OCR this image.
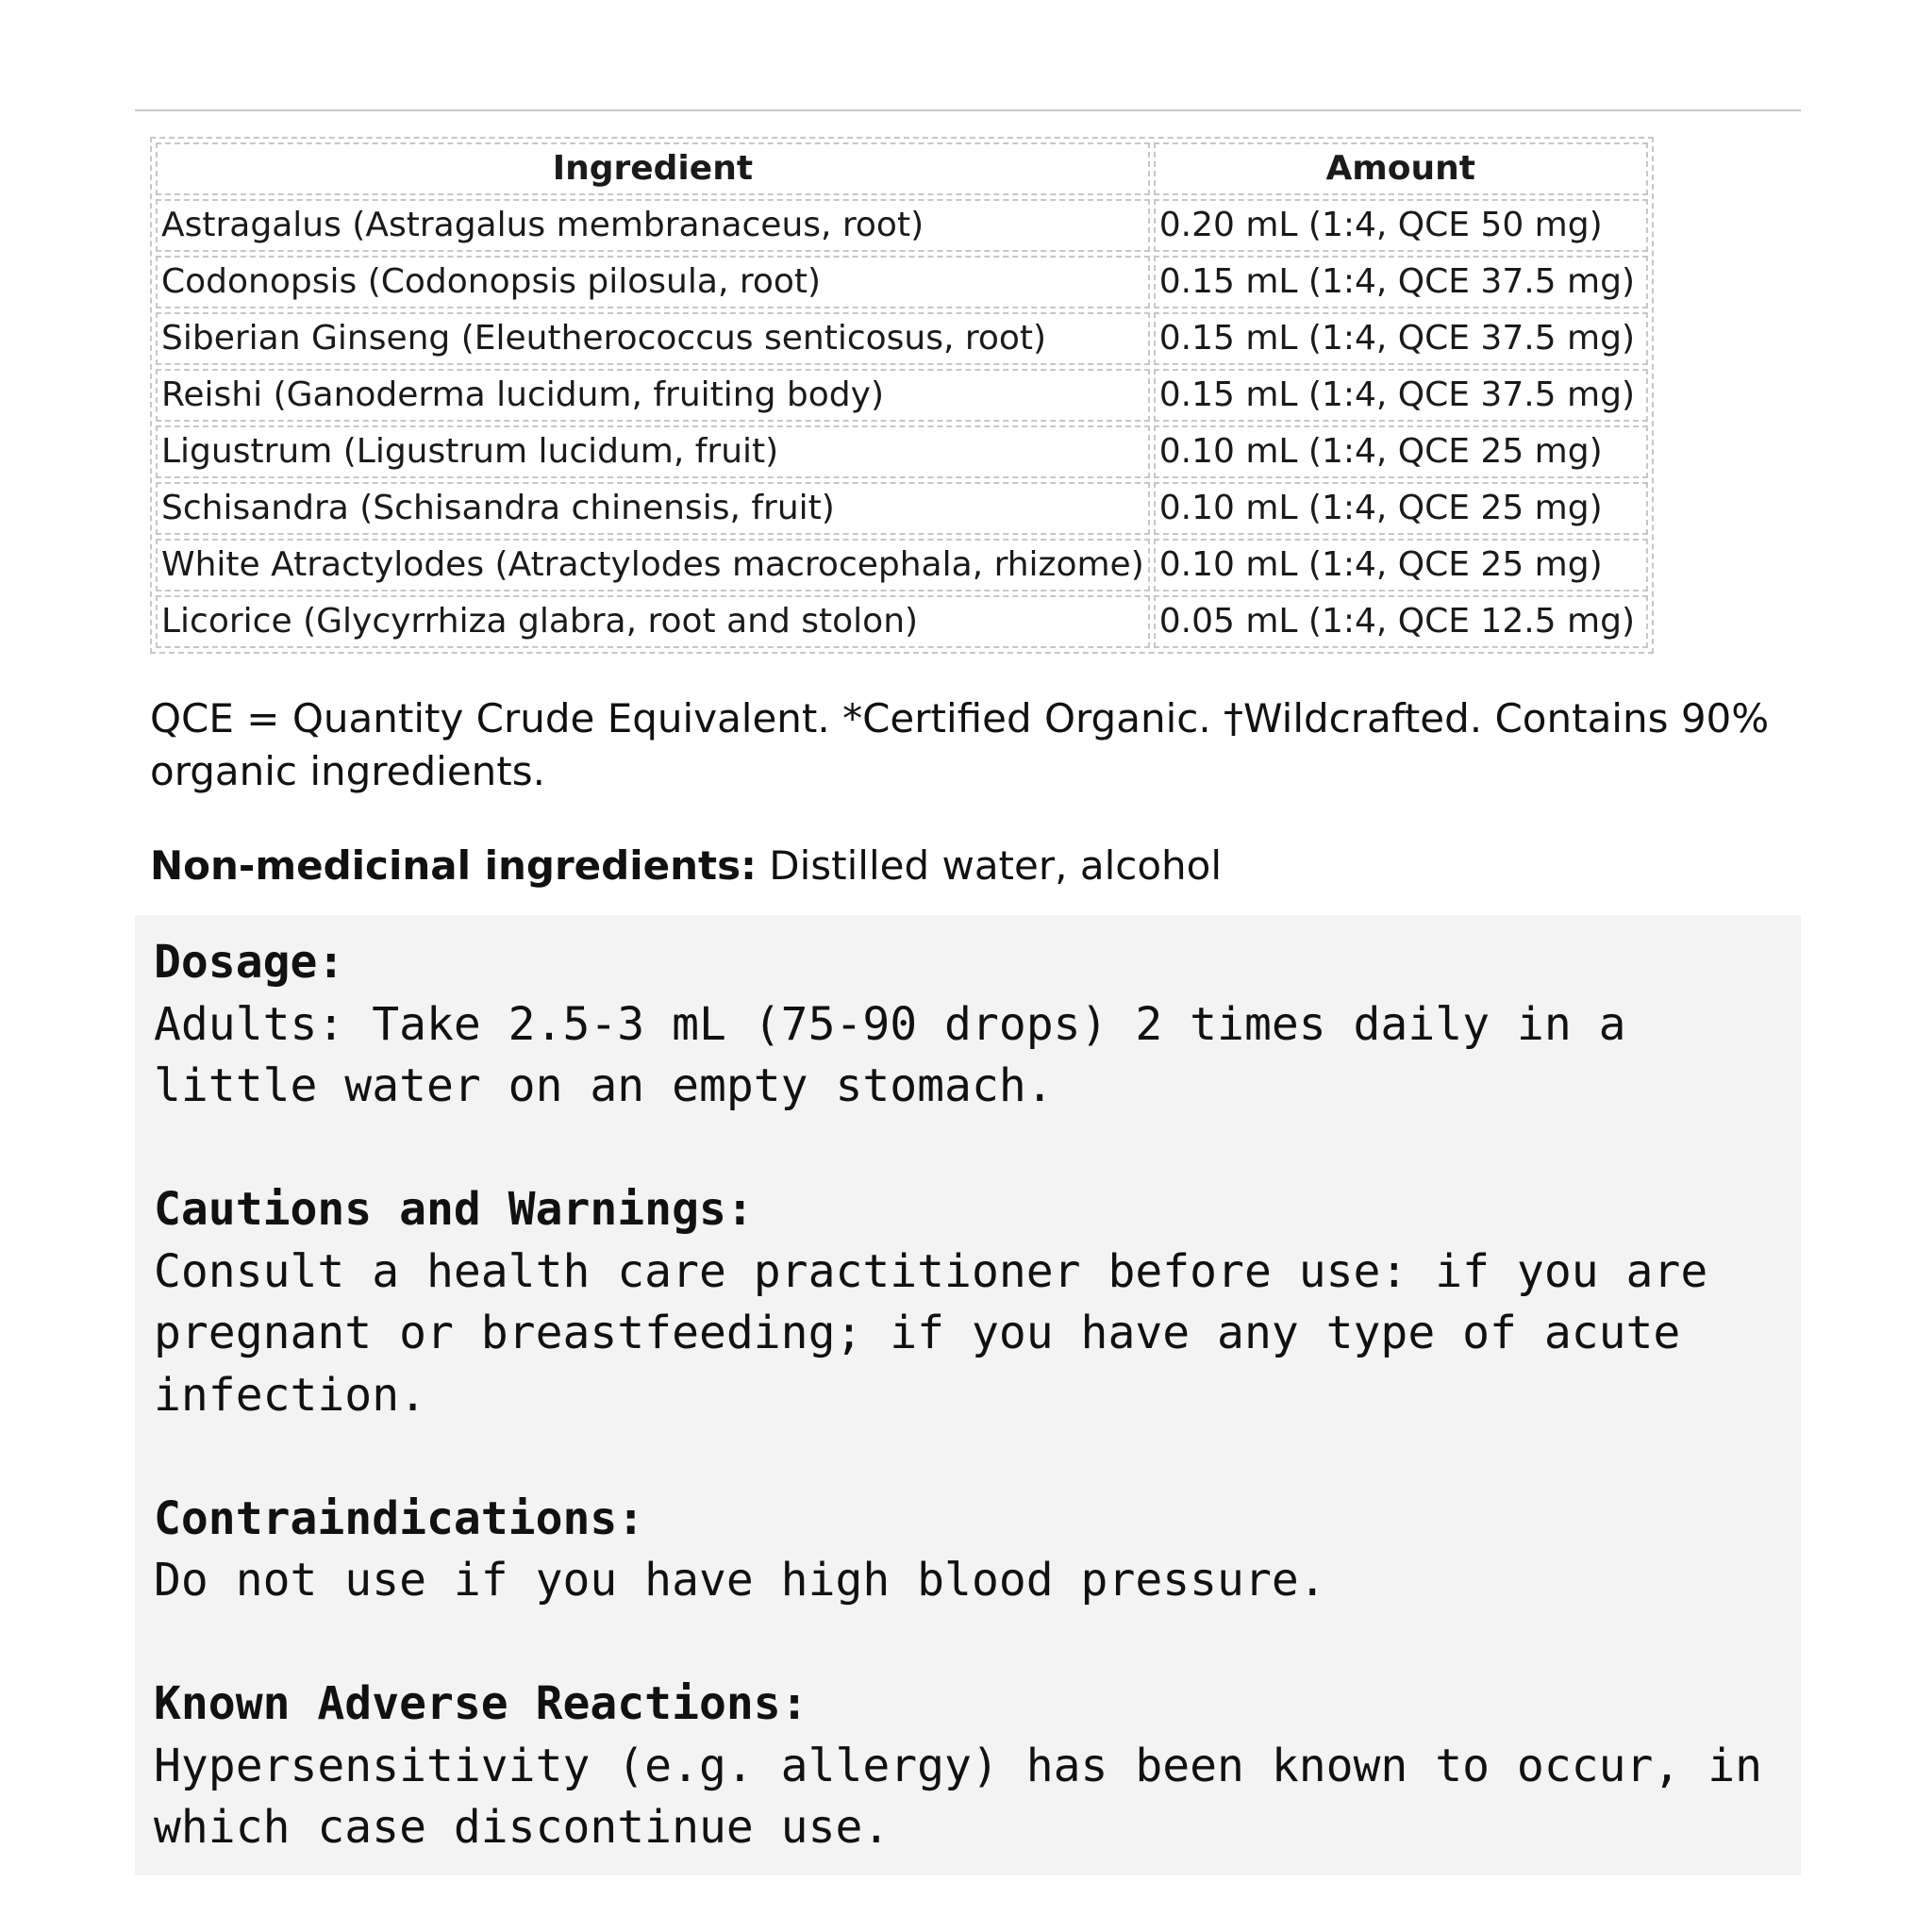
Ingredient	Amount
Astragalus (Astragalus membranaceus, root)	0.20 mL (1:4, QCE 50 mg)
Codonopsis (Codonopsis pilosula, root)	0.15 mL (1:4, QCE 37.5 mg)
Siberian Ginseng (Eleutherococcus senticosus, root)	0.15 mL (1:4, QCE 37.5 mg)
Reishi (Ganoderma lucidum, fruiting body)	0.15 mL (1:4, QCE 37.5 mg)
Ligustrum (Ligustrum lucidum, fruit)	0.10 mL (1:4, QCE 25 mg)
Schisandra (Schisandra chinensis, fruit)	0.10 mL (1:4, QCE 25 mg)
White Atractylodes (Atractylodes macrocephala, rhizome)	0.10 mL (1:4, QCE 25 mg)
Licorice (Glycyrrhiza glabra, root and stolon)	0.05 mL (1:4, QCE 12.5 mg)

QCE = Quantity Crude Equivalent. *Certified Organic. †Wildcrafted. Contains 90% organic ingredients.

Non-medicinal ingredients: Distilled water, alcohol

Dosage:
Adults: Take 2.5-3 mL (75-90 drops) 2 times daily in a little water on an empty stomach.
Cautions and Warnings:
Consult a health care practitioner before use: if you are pregnant or breastfeeding; if you have any type of acute infection.
Contraindications:
Do not use if you have high blood pressure.
Known Adverse Reactions:
Hypersensitivity (e.g. allergy) has been known to occur, in which case discontinue use.
